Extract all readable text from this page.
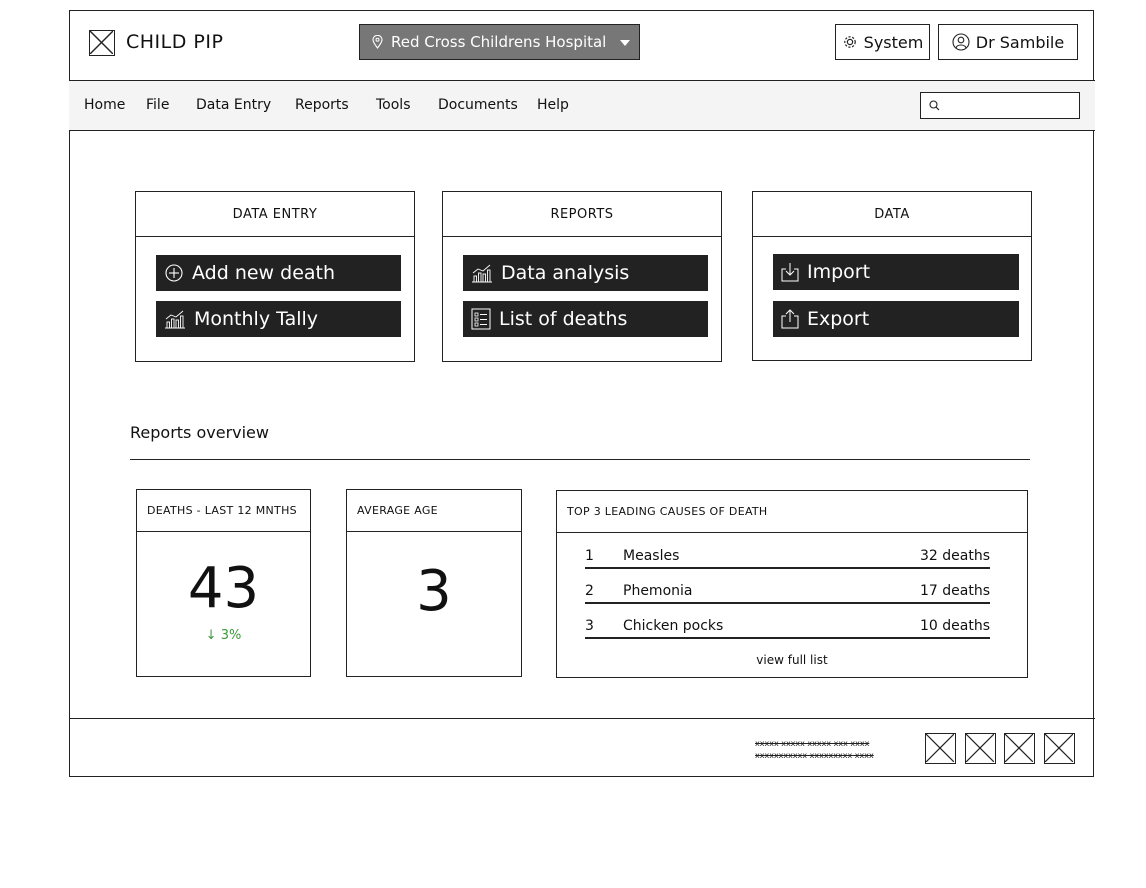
CHILD PIP	Red Cross Childrens Hospital	System	Dr Sambile
Home File Data Entry Reports Tools Documents Help
DATA ENTRY
Add new death
Monthly Tally
REPORTS
Data analysis
List of deaths
DATA
Import
Export
Reports overview
DEATHS - LAST 12 MNTHS
43
↓ 3%
AVERAGE AGE
3
TOP 3 LEADING CAUSES OF DEATH
1	Measles	32 deaths
2	Phemonia	17 deaths
3	Chicken pocks	10 deaths
view full list
xxxxx xxxxx xxxxx xxx xxxx
xxxxxxxxxxx xxxxxxxxx xxxx
